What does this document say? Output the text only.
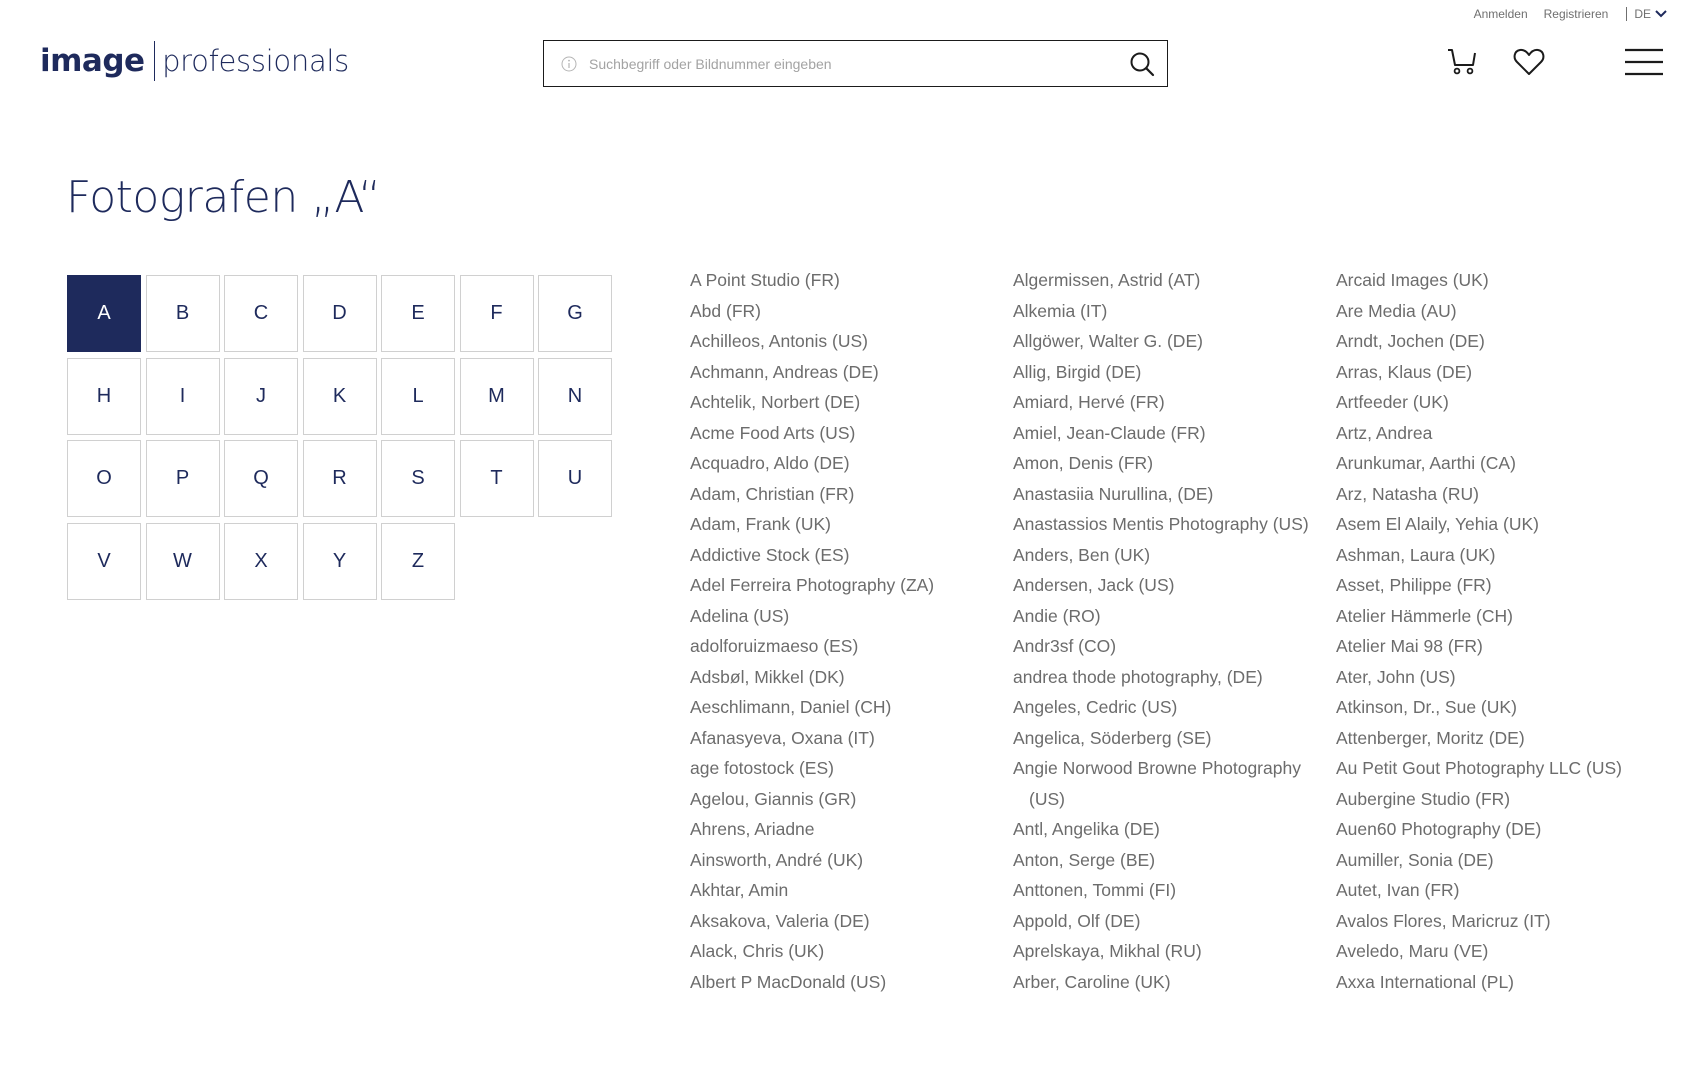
Anmelden Registrieren DE
image professionals
Suchbegriff oder Bildnummer eingeben
Fotografen „A“
A	B	C	D	E	F	G
H	I	J	K	L	M	N
O	P	Q	R	S	T	U
V	W	X	Y	Z
A Point Studio (FR)
Abd (FR)
Achilleos, Antonis (US)
Achmann, Andreas (DE)
Achtelik, Norbert (DE)
Acme Food Arts (US)
Acquadro, Aldo (DE)
Adam, Christian (FR)
Adam, Frank (UK)
Addictive Stock (ES)
Adel Ferreira Photography (ZA)
Adelina (US)
adolforuizmaeso (ES)
Adsbøl, Mikkel (DK)
Aeschlimann, Daniel (CH)
Afanasyeva, Oxana (IT)
age fotostock (ES)
Agelou, Giannis (GR)
Ahrens, Ariadne
Ainsworth, André (UK)
Akhtar, Amin
Aksakova, Valeria (DE)
Alack, Chris (UK)
Albert P MacDonald (US)
Algermissen, Astrid (AT)
Alkemia (IT)
Allgöwer, Walter G. (DE)
Allig, Birgid (DE)
Amiard, Hervé (FR)
Amiel, Jean-Claude (FR)
Amon, Denis (FR)
Anastasiia Nurullina, (DE)
Anastassios Mentis Photography (US)
Anders, Ben (UK)
Andersen, Jack (US)
Andie (RO)
Andr3sf (CO)
andrea thode photography, (DE)
Angeles, Cedric (US)
Angelica, Söderberg (SE)
Angie Norwood Browne Photography (US)
Antl, Angelika (DE)
Anton, Serge (BE)
Anttonen, Tommi (FI)
Appold, Olf (DE)
Aprelskaya, Mikhal (RU)
Arber, Caroline (UK)
Arcaid Images (UK)
Are Media (AU)
Arndt, Jochen (DE)
Arras, Klaus (DE)
Artfeeder (UK)
Artz, Andrea
Arunkumar, Aarthi (CA)
Arz, Natasha (RU)
Asem El Alaily, Yehia (UK)
Ashman, Laura (UK)
Asset, Philippe (FR)
Atelier Hämmerle (CH)
Atelier Mai 98 (FR)
Ater, John (US)
Atkinson, Dr., Sue (UK)
Attenberger, Moritz (DE)
Au Petit Gout Photography LLC (US)
Aubergine Studio (FR)
Auen60 Photography (DE)
Aumiller, Sonia (DE)
Autet, Ivan (FR)
Avalos Flores, Maricruz (IT)
Aveledo, Maru (VE)
Axxa International (PL)
